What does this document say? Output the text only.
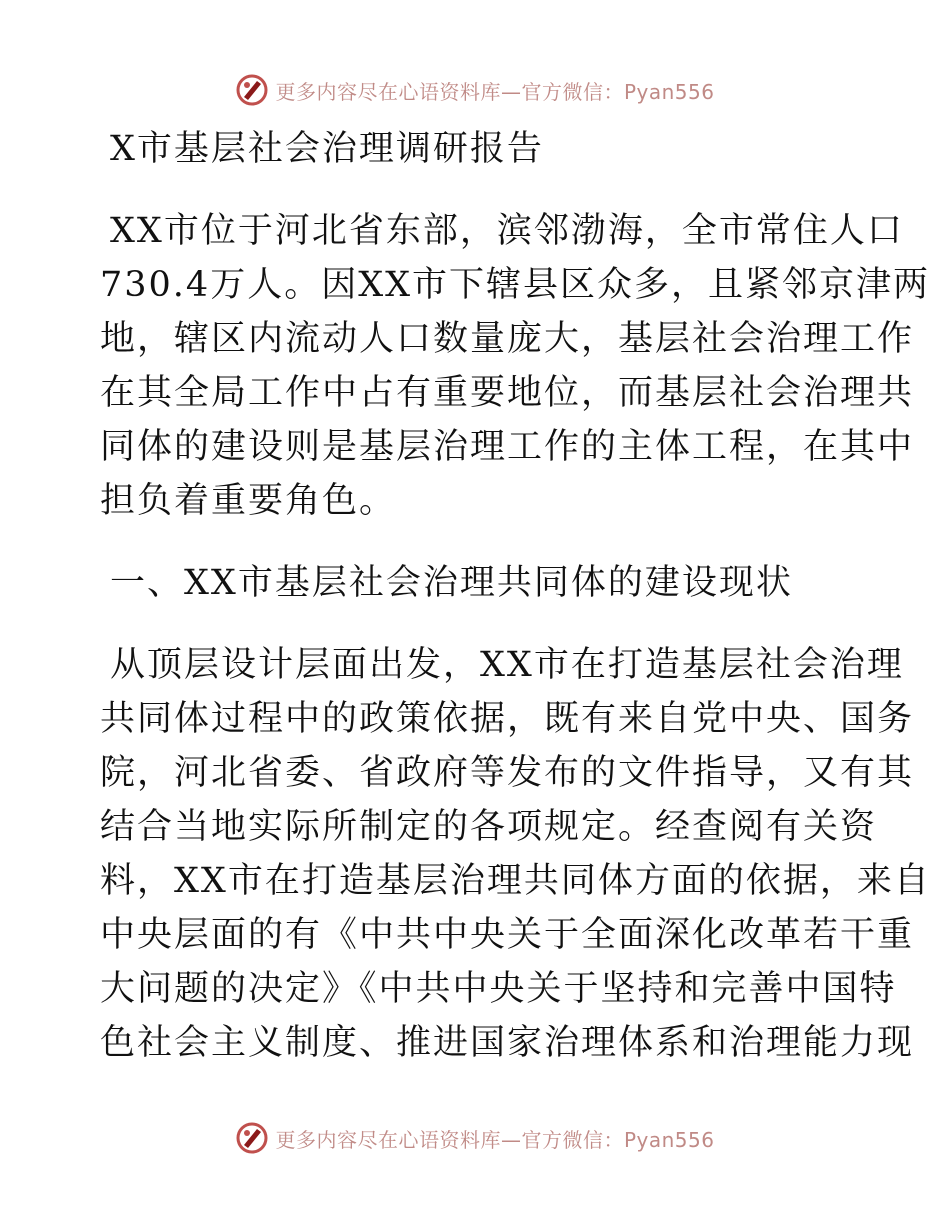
更多内容尽在心语资料库—官方微信：Pyan556
X市基层社会治理调研报告
XX市位于河北省东部，滨邻渤海，全市常住人口
730.4万人。因XX市下辖县区众多，且紧邻京津两
地，辖区内流动人口数量庞大，基层社会治理工作
在其全局工作中占有重要地位，而基层社会治理共
同体的建设则是基层治理工作的主体工程，在其中
担负着重要角色。
一、XX市基层社会治理共同体的建设现状
从顶层设计层面出发，XX市在打造基层社会治理
共同体过程中的政策依据，既有来自党中央、国务
院，河北省委、省政府等发布的文件指导，又有其
结合当地实际所制定的各项规定。经查阅有关资
料，XX市在打造基层治理共同体方面的依据，来自
中央层面的有《中共中央关于全面深化改革若干重
大问题的决定》《中共中央关于坚持和完善中国特
色社会主义制度、推进国家治理体系和治理能力现
更多内容尽在心语资料库—官方微信：Pyan556
